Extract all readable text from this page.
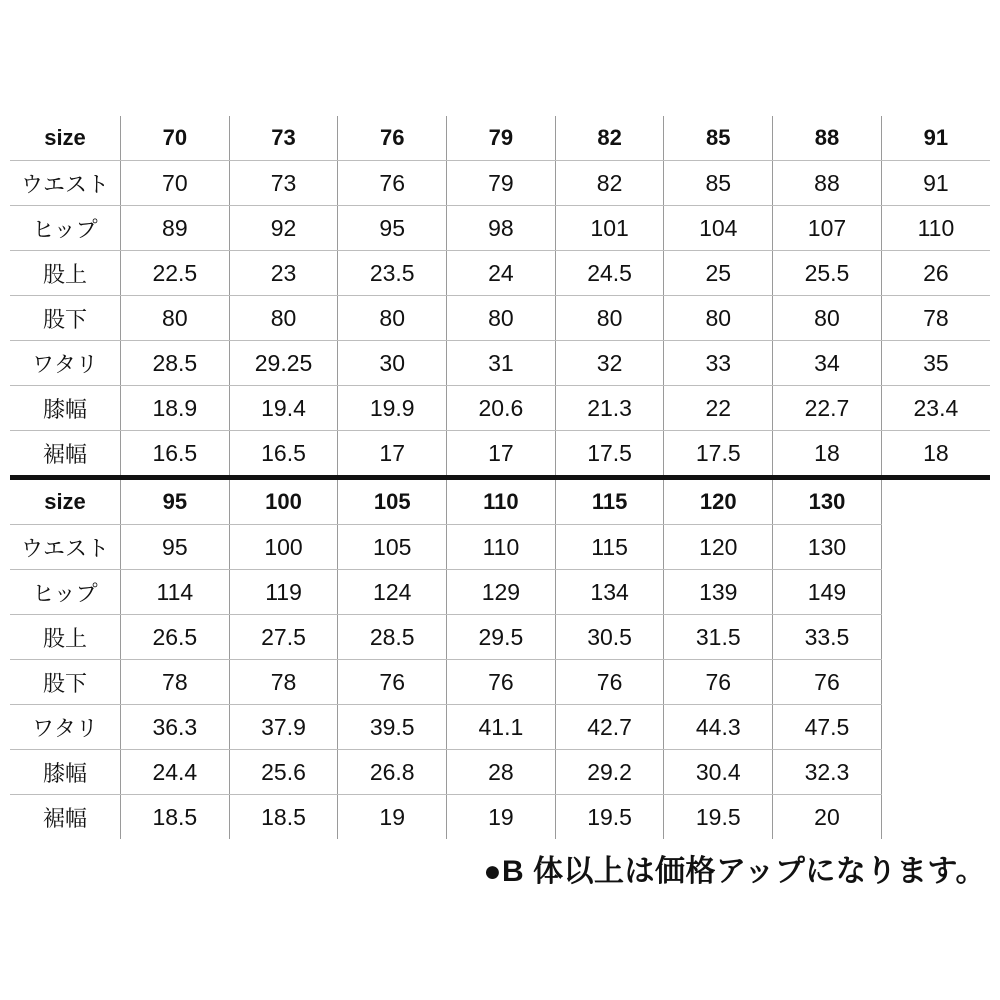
size	70	73	76	79	82	85	88	91
ウエスト	70	73	76	79	82	85	88	91
ヒップ	89	92	95	98	101	104	107	110
股上	22.5	23	23.5	24	24.5	25	25.5	26
股下	80	80	80	80	80	80	80	78
ワタリ	28.5	29.25	30	31	32	33	34	35
膝幅	18.9	19.4	19.9	20.6	21.3	22	22.7	23.4
裾幅	16.5	16.5	17	17	17.5	17.5	18	18
size	95	100	105	110	115	120	130	
ウエスト	95	100	105	110	115	120	130	
ヒップ	114	119	124	129	134	139	149	
股上	26.5	27.5	28.5	29.5	30.5	31.5	33.5	
股下	78	78	76	76	76	76	76	
ワタリ	36.3	37.9	39.5	41.1	42.7	44.3	47.5	
膝幅	24.4	25.6	26.8	28	29.2	30.4	32.3	
裾幅	18.5	18.5	19	19	19.5	19.5	20	
●B 体以上は価格アップになります。
